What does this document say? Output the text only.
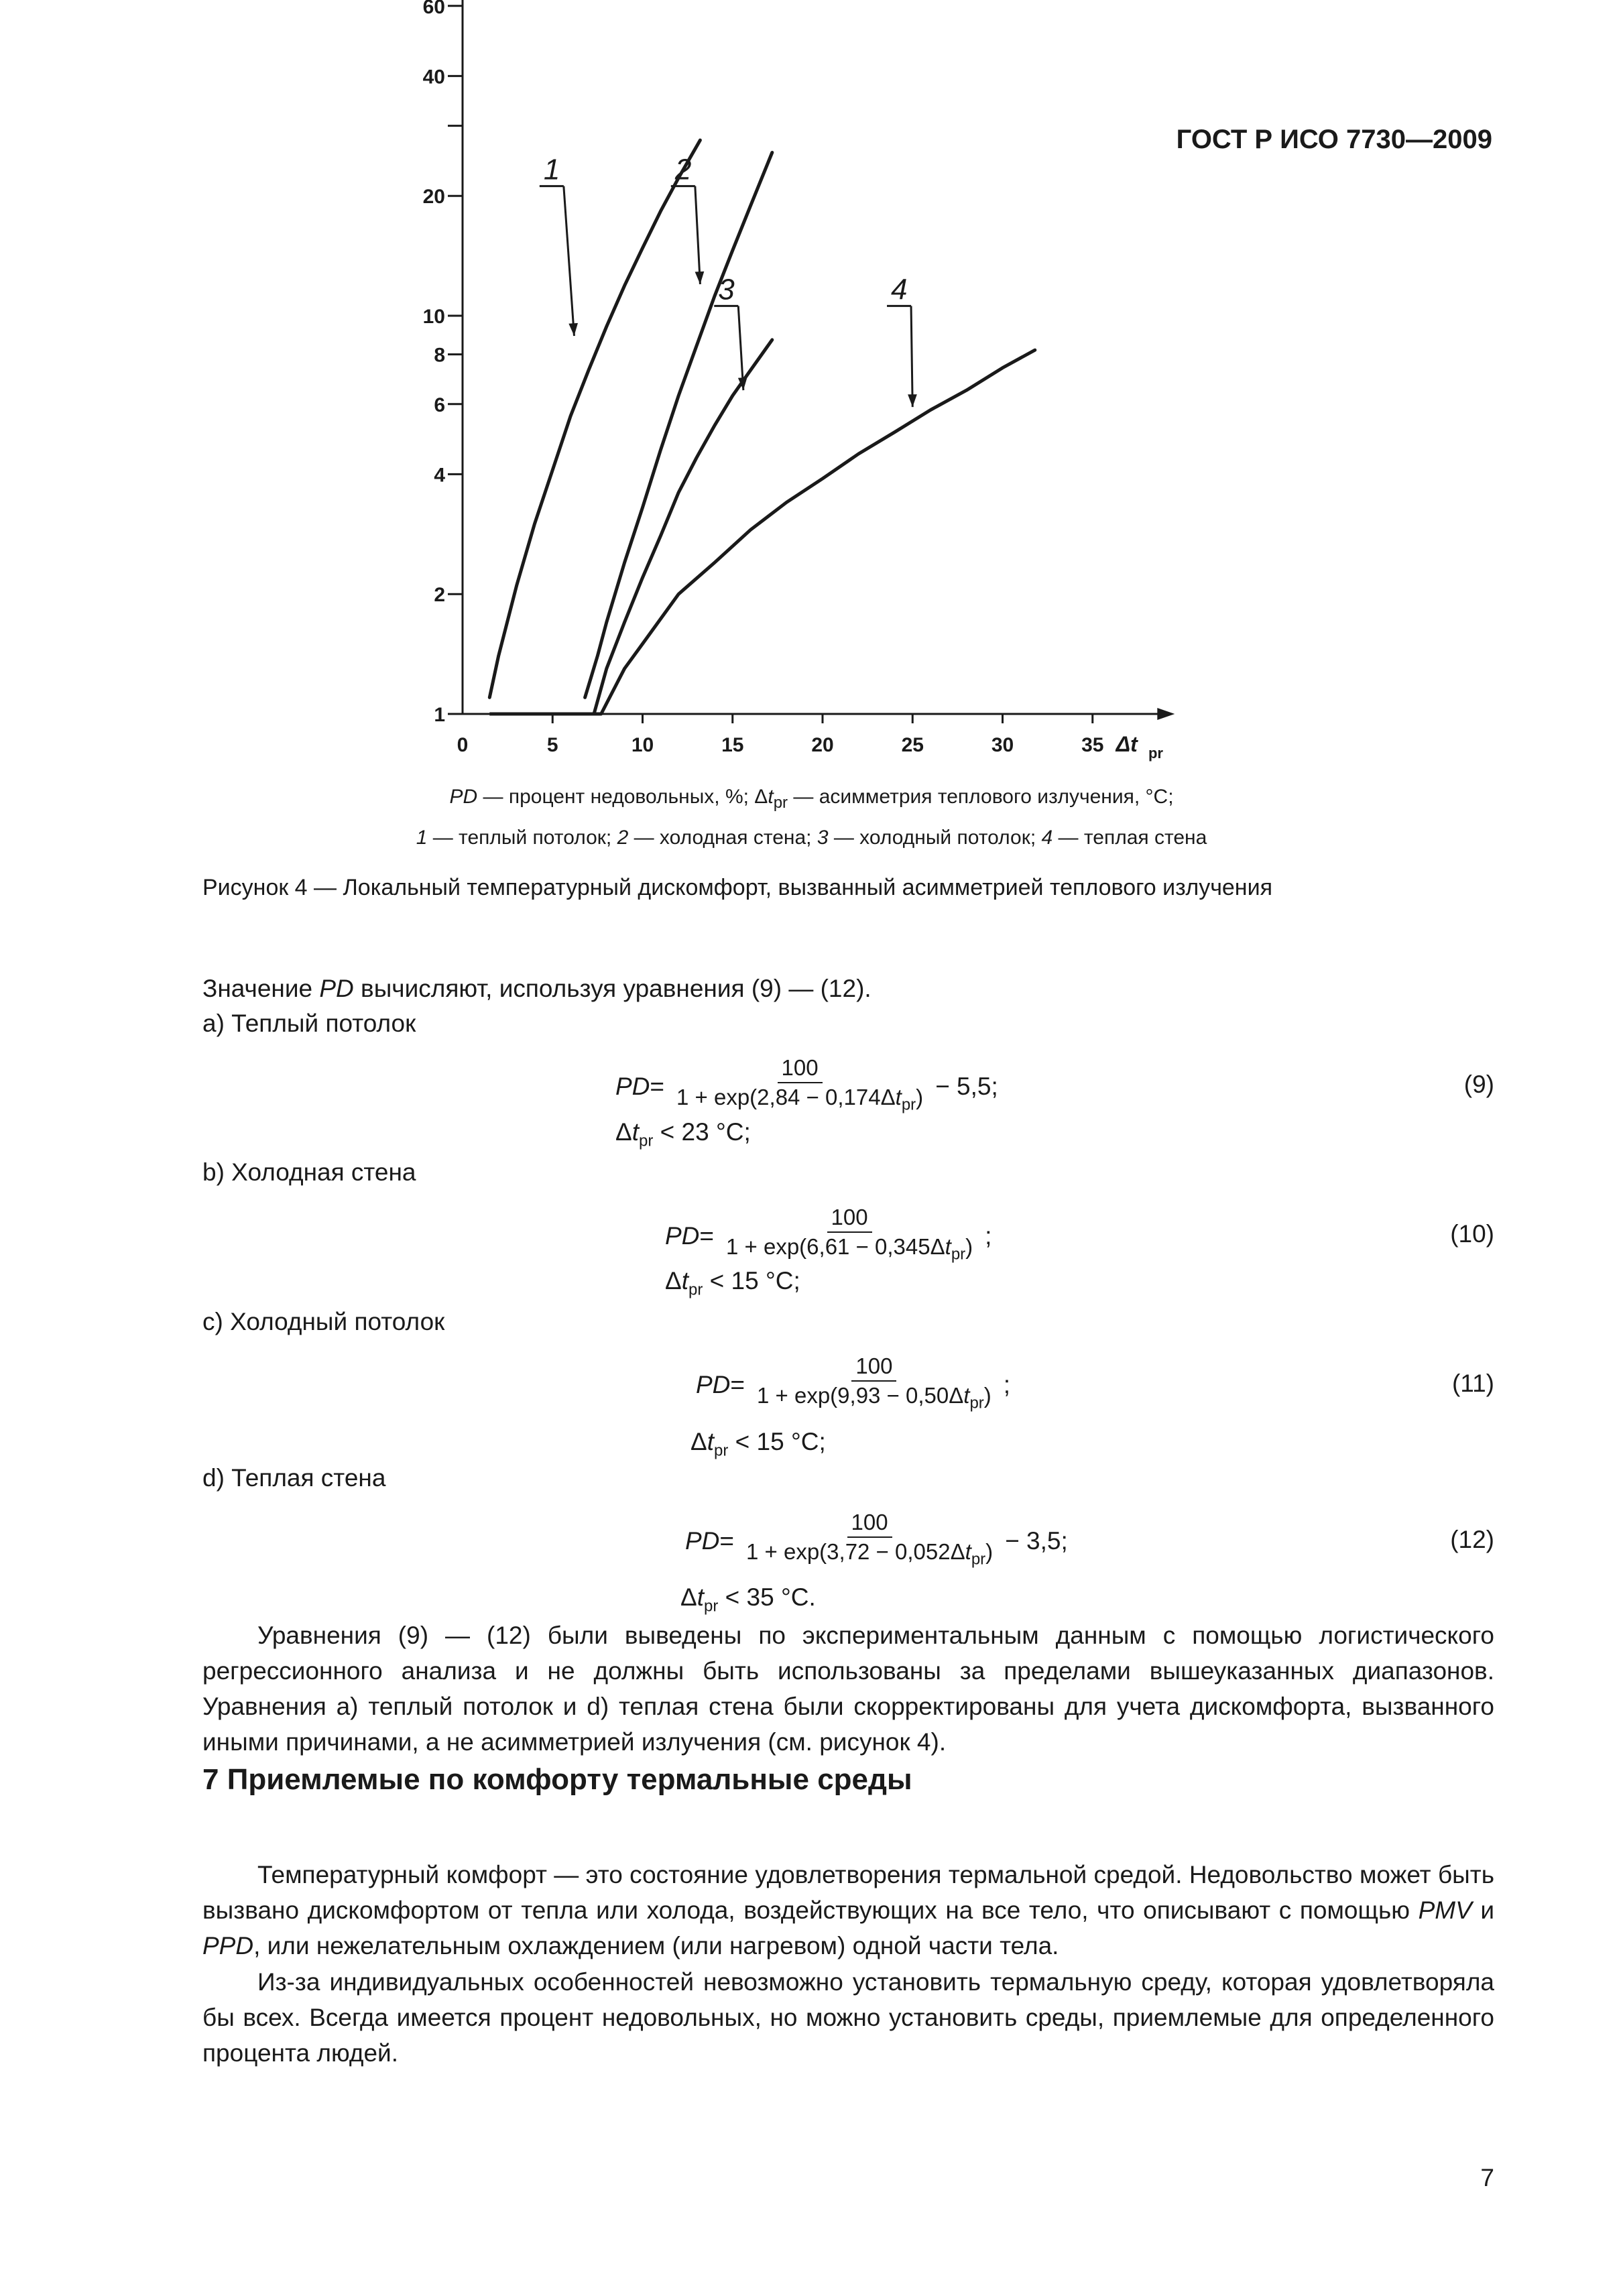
ГОСТ Р ИСО 7730—2009
1
2
4
6
8
10
20
40
60
0	5	10	15	20	25	30	35 Δt pr
1	2
3	4
PD — процент недовольных, %; $\Delta t_{pr}$ — асимметрия теплового излучения, °C;
1 — теплый потолок; 2 — холодная стена; 3 — холодный потолок; 4 — теплая стена
Рисунок 4 — Локальный температурный дискомфорт, вызванный асимметрией теплового излучения
Значение PD вычисляют, используя уравнения (9) — (12).
a) Теплый потолок
PD = $\frac{100}{1 + \exp(2,84 - 0,174\Delta t_{pr})} - 5,5$;	(9)
$\Delta t_{pr} < 23$ °C;
b) Холодная стена
PD = $\frac{100}{1 + \exp(6,61 - 0,345\Delta t_{pr})}$ ;	(10)
$\Delta t_{pr} < 15$ °C;
c) Холодный потолок
PD = $\frac{100}{1 + \exp(9,93 - 0,50\Delta t_{pr})}$ ;	(11)
$\Delta t_{pr} < 15$ °C;
d) Теплая стена
PD = $\frac{100}{1 + \exp(3,72 - 0,052\Delta t_{pr})} - 3,5$;	(12)
$\Delta t_{pr} < 35$ °C.
Уравнения (9) — (12) были выведены по экспериментальным данным с помощью логистического регрессионного анализа и не должны быть использованы за пределами вышеуказанных диапазонов. Уравнения a) теплый потолок и d) теплая стена были скорректированы для учета дискомфорта, вызванного иными причинами, а не асимметрией излучения (см. рисунок 4).
7 Приемлемые по комфорту термальные среды
Температурный комфорт — это состояние удовлетворения термальной средой. Недовольство может быть вызвано дискомфортом от тепла или холода, воздействующих на все тело, что описывают с помощью PMV и PPD, или нежелательным охлаждением (или нагревом) одной части тела.
Из-за индивидуальных особенностей невозможно установить термальную среду, которая удовлетворяла бы всех. Всегда имеется процент недовольных, но можно установить среды, приемлемые для определенного процента людей.
7
